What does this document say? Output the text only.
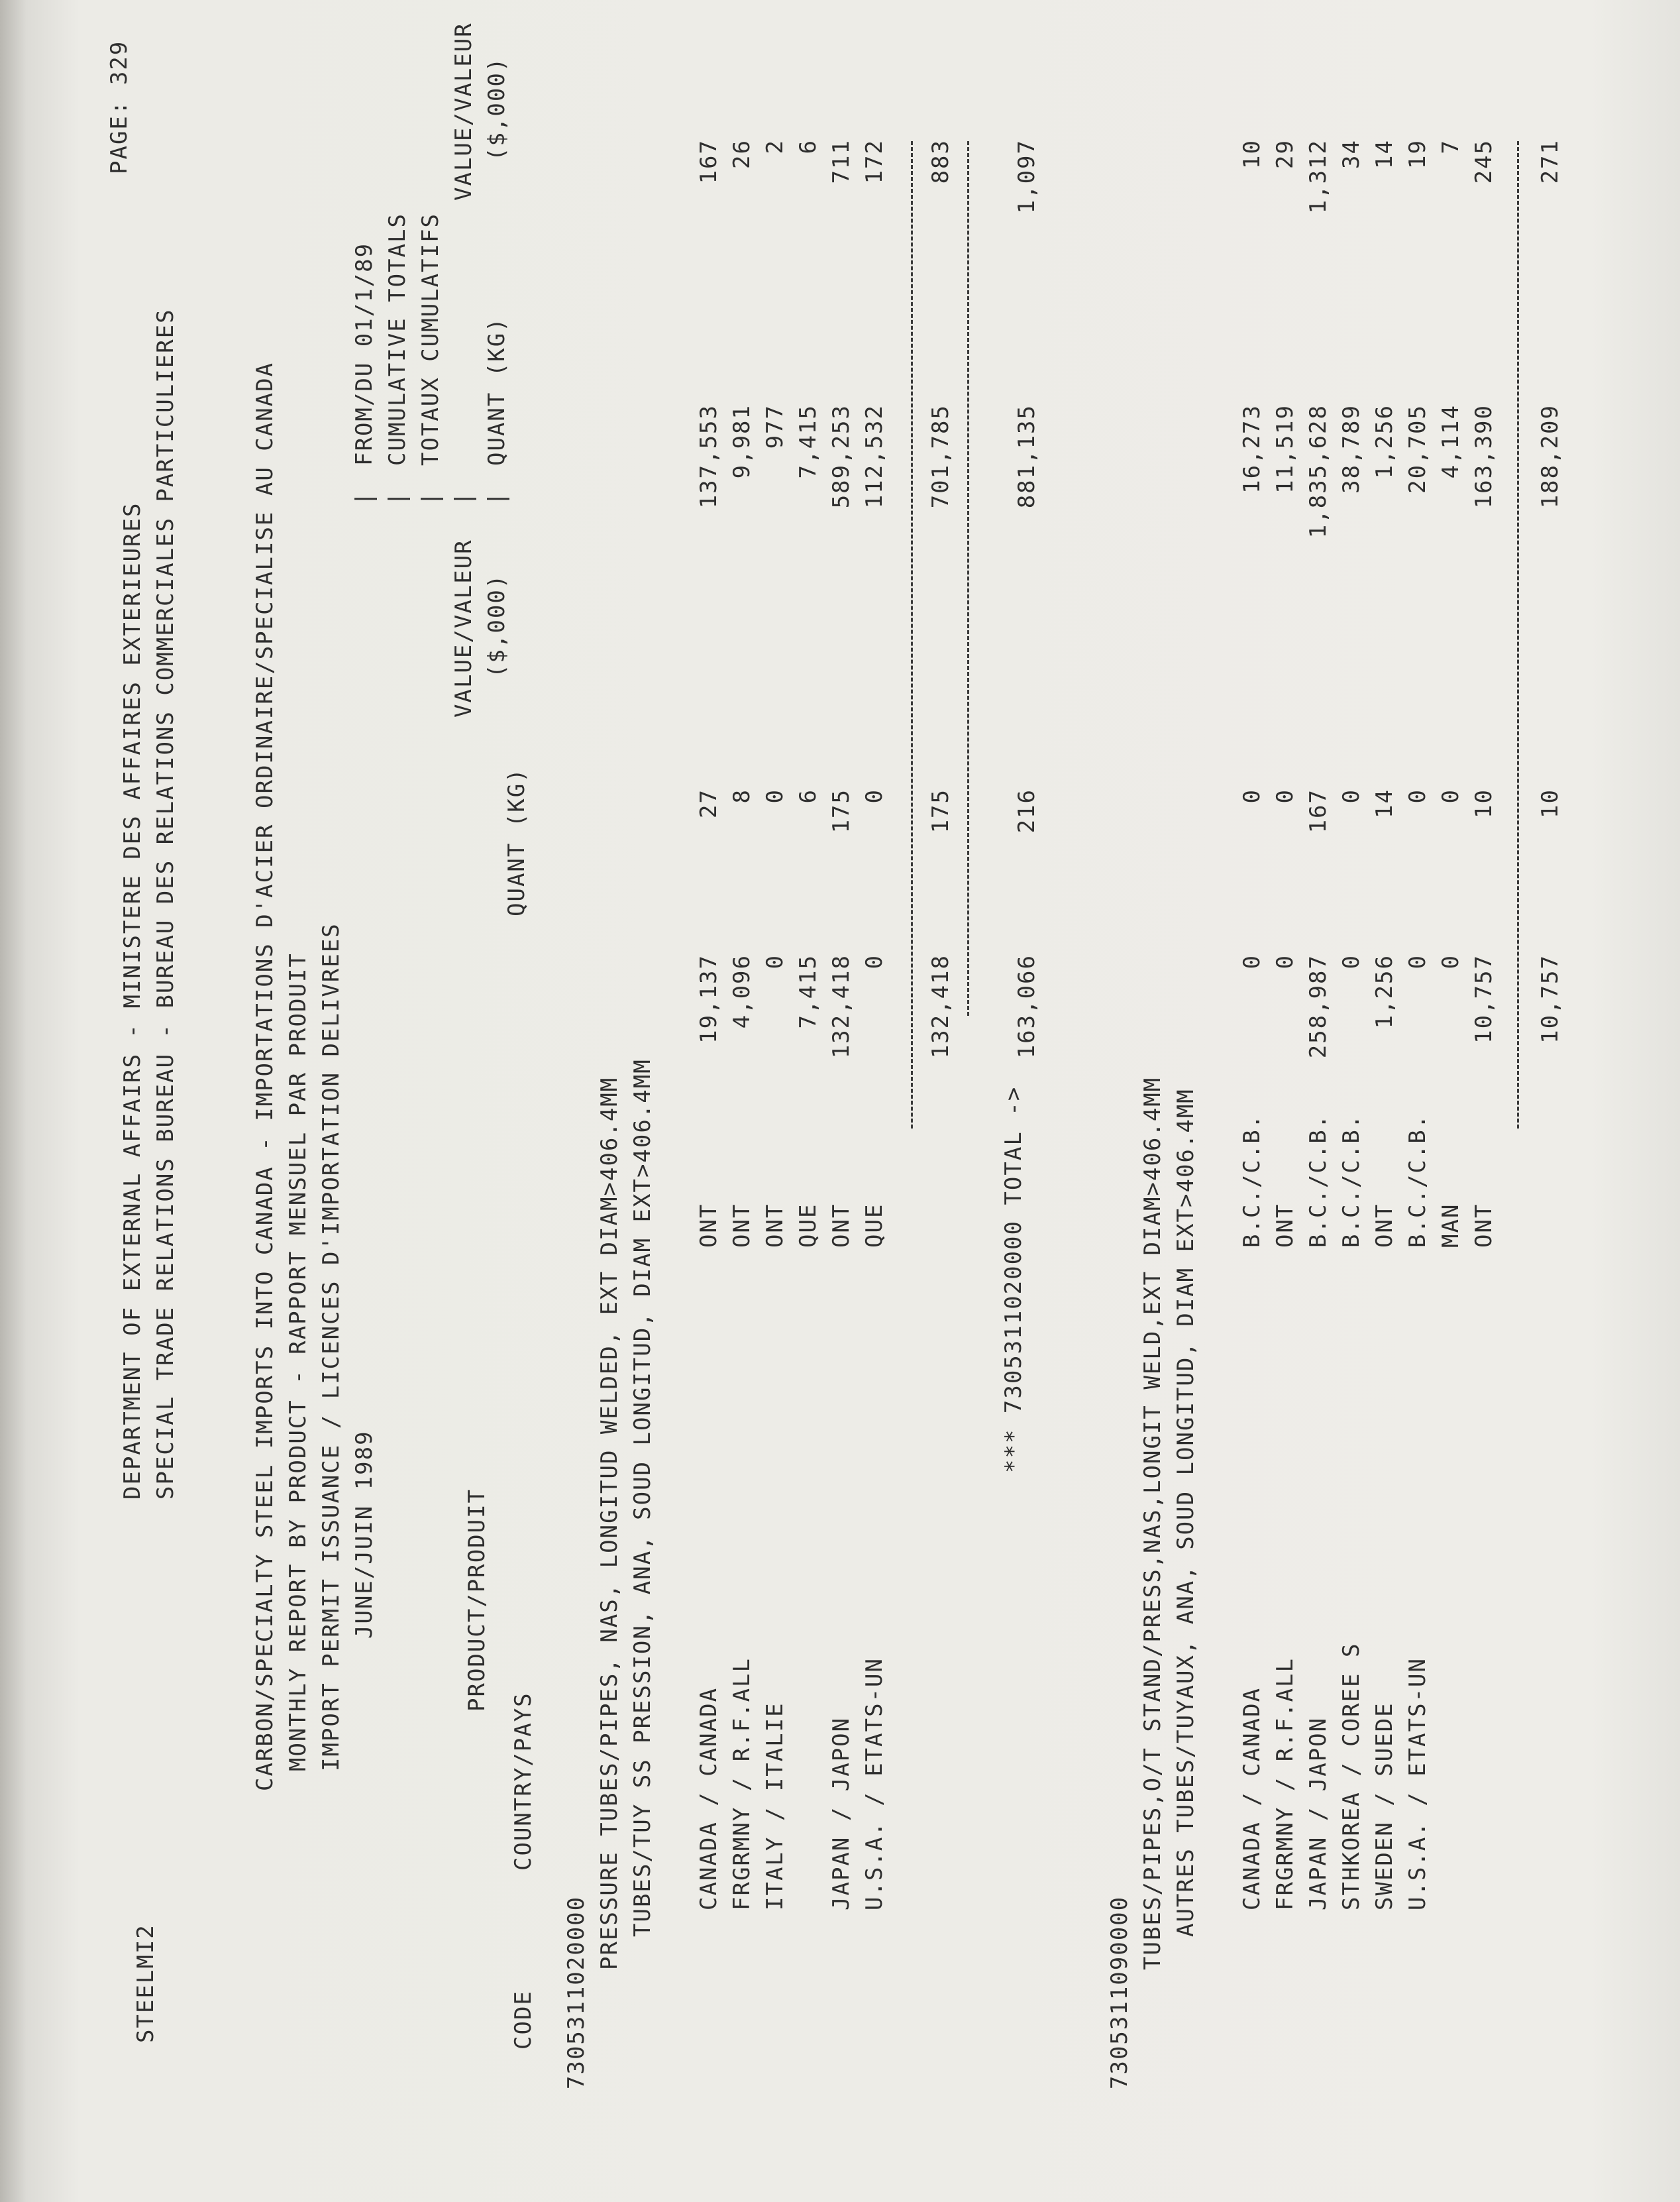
STEELMI2
DEPARTMENT OF EXTERNAL AFFAIRS - MINISTERE DES AFFAIRES EXTERIEURES SPECIAL TRADE RELATIONS BUREAU - BUREAU DES RELATIONS COMMERCIALES PARTICULIERES
PAGE: 329
CARBON/SPECIALTY STEEL IMPORTS INTO CANADA - IMPORTATIONS D'ACIER ORDINAIRE/SPECIALISE AU CANADA MONTHLY REPORT BY PRODUCT - RAPPORT MENSUEL PAR PRODUIT IMPORT PERMIT ISSUANCE / LICENCES D'IMPORTATION DELIVREES JUNE/JUIN 1989
| | | | |
FROM/DU 01/1/89 CUMULATIVE TOTALS TOTAUX CUMULATIFS
PRODUCT/PRODUIT
VALUE/VALEUR
VALUE/VALEUR
CODE
COUNTRY/PAYS
QUANT (KG)
($,000)
QUANT (KG)
($,000)
7305311020000
PRESSURE TUBES/PIPES, NAS, LONGITUD WELDED, EXT DIAM>406.4MM TUBES/TUY SS PRESSION, ANA, SOUD LONGITUD, DIAM EXT>406.4MM CANADA / CANADA
ONT
19,137
27
137,553
167
FRGRMNY / R.F.ALL
ONT
4,096
8
9,981
26
ITALY / ITALIE
ONT
0
0
977
2
QUE
7,415
6
7,415
6
JAPAN / JAPON
ONT
132,418
175
589,253
711
U.S.A. / ETATS-UN
QUE
0
0
112,532
172
132,418
175
701,785
883
*** 7305311020000 TOTAL ->
163,066
216
881,135
1,097
7305311090000
TUBES/PIPES,O/T STAND/PRESS,NAS,LONGIT WELD,EXT DIAM>406.4MM AUTRES TUBES/TUYAUX, ANA, SOUD LONGITUD, DIAM EXT>406.4MM CANADA / CANADA
B.C./C.B.
0
0
16,273
10
FRGRMNY / R.F.ALL
ONT
0
0
11,519
29
JAPAN / JAPON
B.C./C.B.
258,987
167
1,835,628
1,312
STHKOREA / COREE S
B.C./C.B.
0
0
38,789
34
SWEDEN / SUEDE
ONT
1,256
14
1,256
14
U.S.A. / ETATS-UN
B.C./C.B.
0
0
20,705
19
MAN
0
0
4,114
7
ONT
10,757
10
163,390
245
10,757
10
188,209
271
